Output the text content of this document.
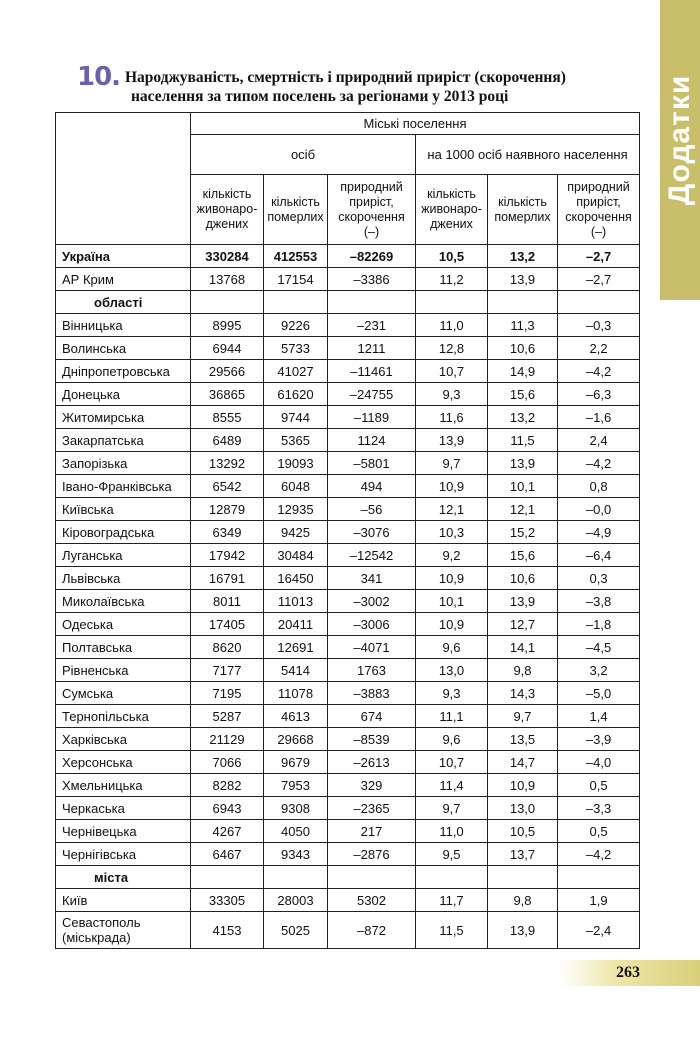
Додатки
10. Народжуваність, смертність і природний приріст (скорочення)
населення за типом поселень за регіонами у 2013 році
	Міські поселення					
	осіб			на 1000 осіб наявного населення		
	кількість живонароджених	кількість померлих	природний приріст, скорочення (–)	кількість живонароджених	кількість померлих	природний приріст, скорочення (–)
Україна	330284	412553	–82269	10,5	13,2	–2,7
АР Крим	13768	17154	–3386	11,2	13,9	–2,7
області						
Вінницька	8995	9226	–231	11,0	11,3	–0,3
Волинська	6944	5733	1211	12,8	10,6	2,2
Дніпропетровська	29566	41027	–11461	10,7	14,9	–4,2
Донецька	36865	61620	–24755	9,3	15,6	–6,3
Житомирська	8555	9744	–1189	11,6	13,2	–1,6
Закарпатська	6489	5365	1124	13,9	11,5	2,4
Запорізька	13292	19093	–5801	9,7	13,9	–4,2
Івано-Франківська	6542	6048	494	10,9	10,1	0,8
Київська	12879	12935	–56	12,1	12,1	–0,0
Кіровоградська	6349	9425	–3076	10,3	15,2	–4,9
Луганська	17942	30484	–12542	9,2	15,6	–6,4
Львівська	16791	16450	341	10,9	10,6	0,3
Миколаївська	8011	11013	–3002	10,1	13,9	–3,8
Одеська	17405	20411	–3006	10,9	12,7	–1,8
Полтавська	8620	12691	–4071	9,6	14,1	–4,5
Рівненська	7177	5414	1763	13,0	9,8	3,2
Сумська	7195	11078	–3883	9,3	14,3	–5,0
Тернопільська	5287	4613	674	11,1	9,7	1,4
Харківська	21129	29668	–8539	9,6	13,5	–3,9
Херсонська	7066	9679	–2613	10,7	14,7	–4,0
Хмельницька	8282	7953	329	11,4	10,9	0,5
Черкаська	6943	9308	–2365	9,7	13,0	–3,3
Чернівецька	4267	4050	217	11,0	10,5	0,5
Чернігівська	6467	9343	–2876	9,5	13,7	–4,2
міста						
Київ	33305	28003	5302	11,7	9,8	1,9
Севастополь (міськрада)	4153	5025	–872	11,5	13,9	–2,4
263
